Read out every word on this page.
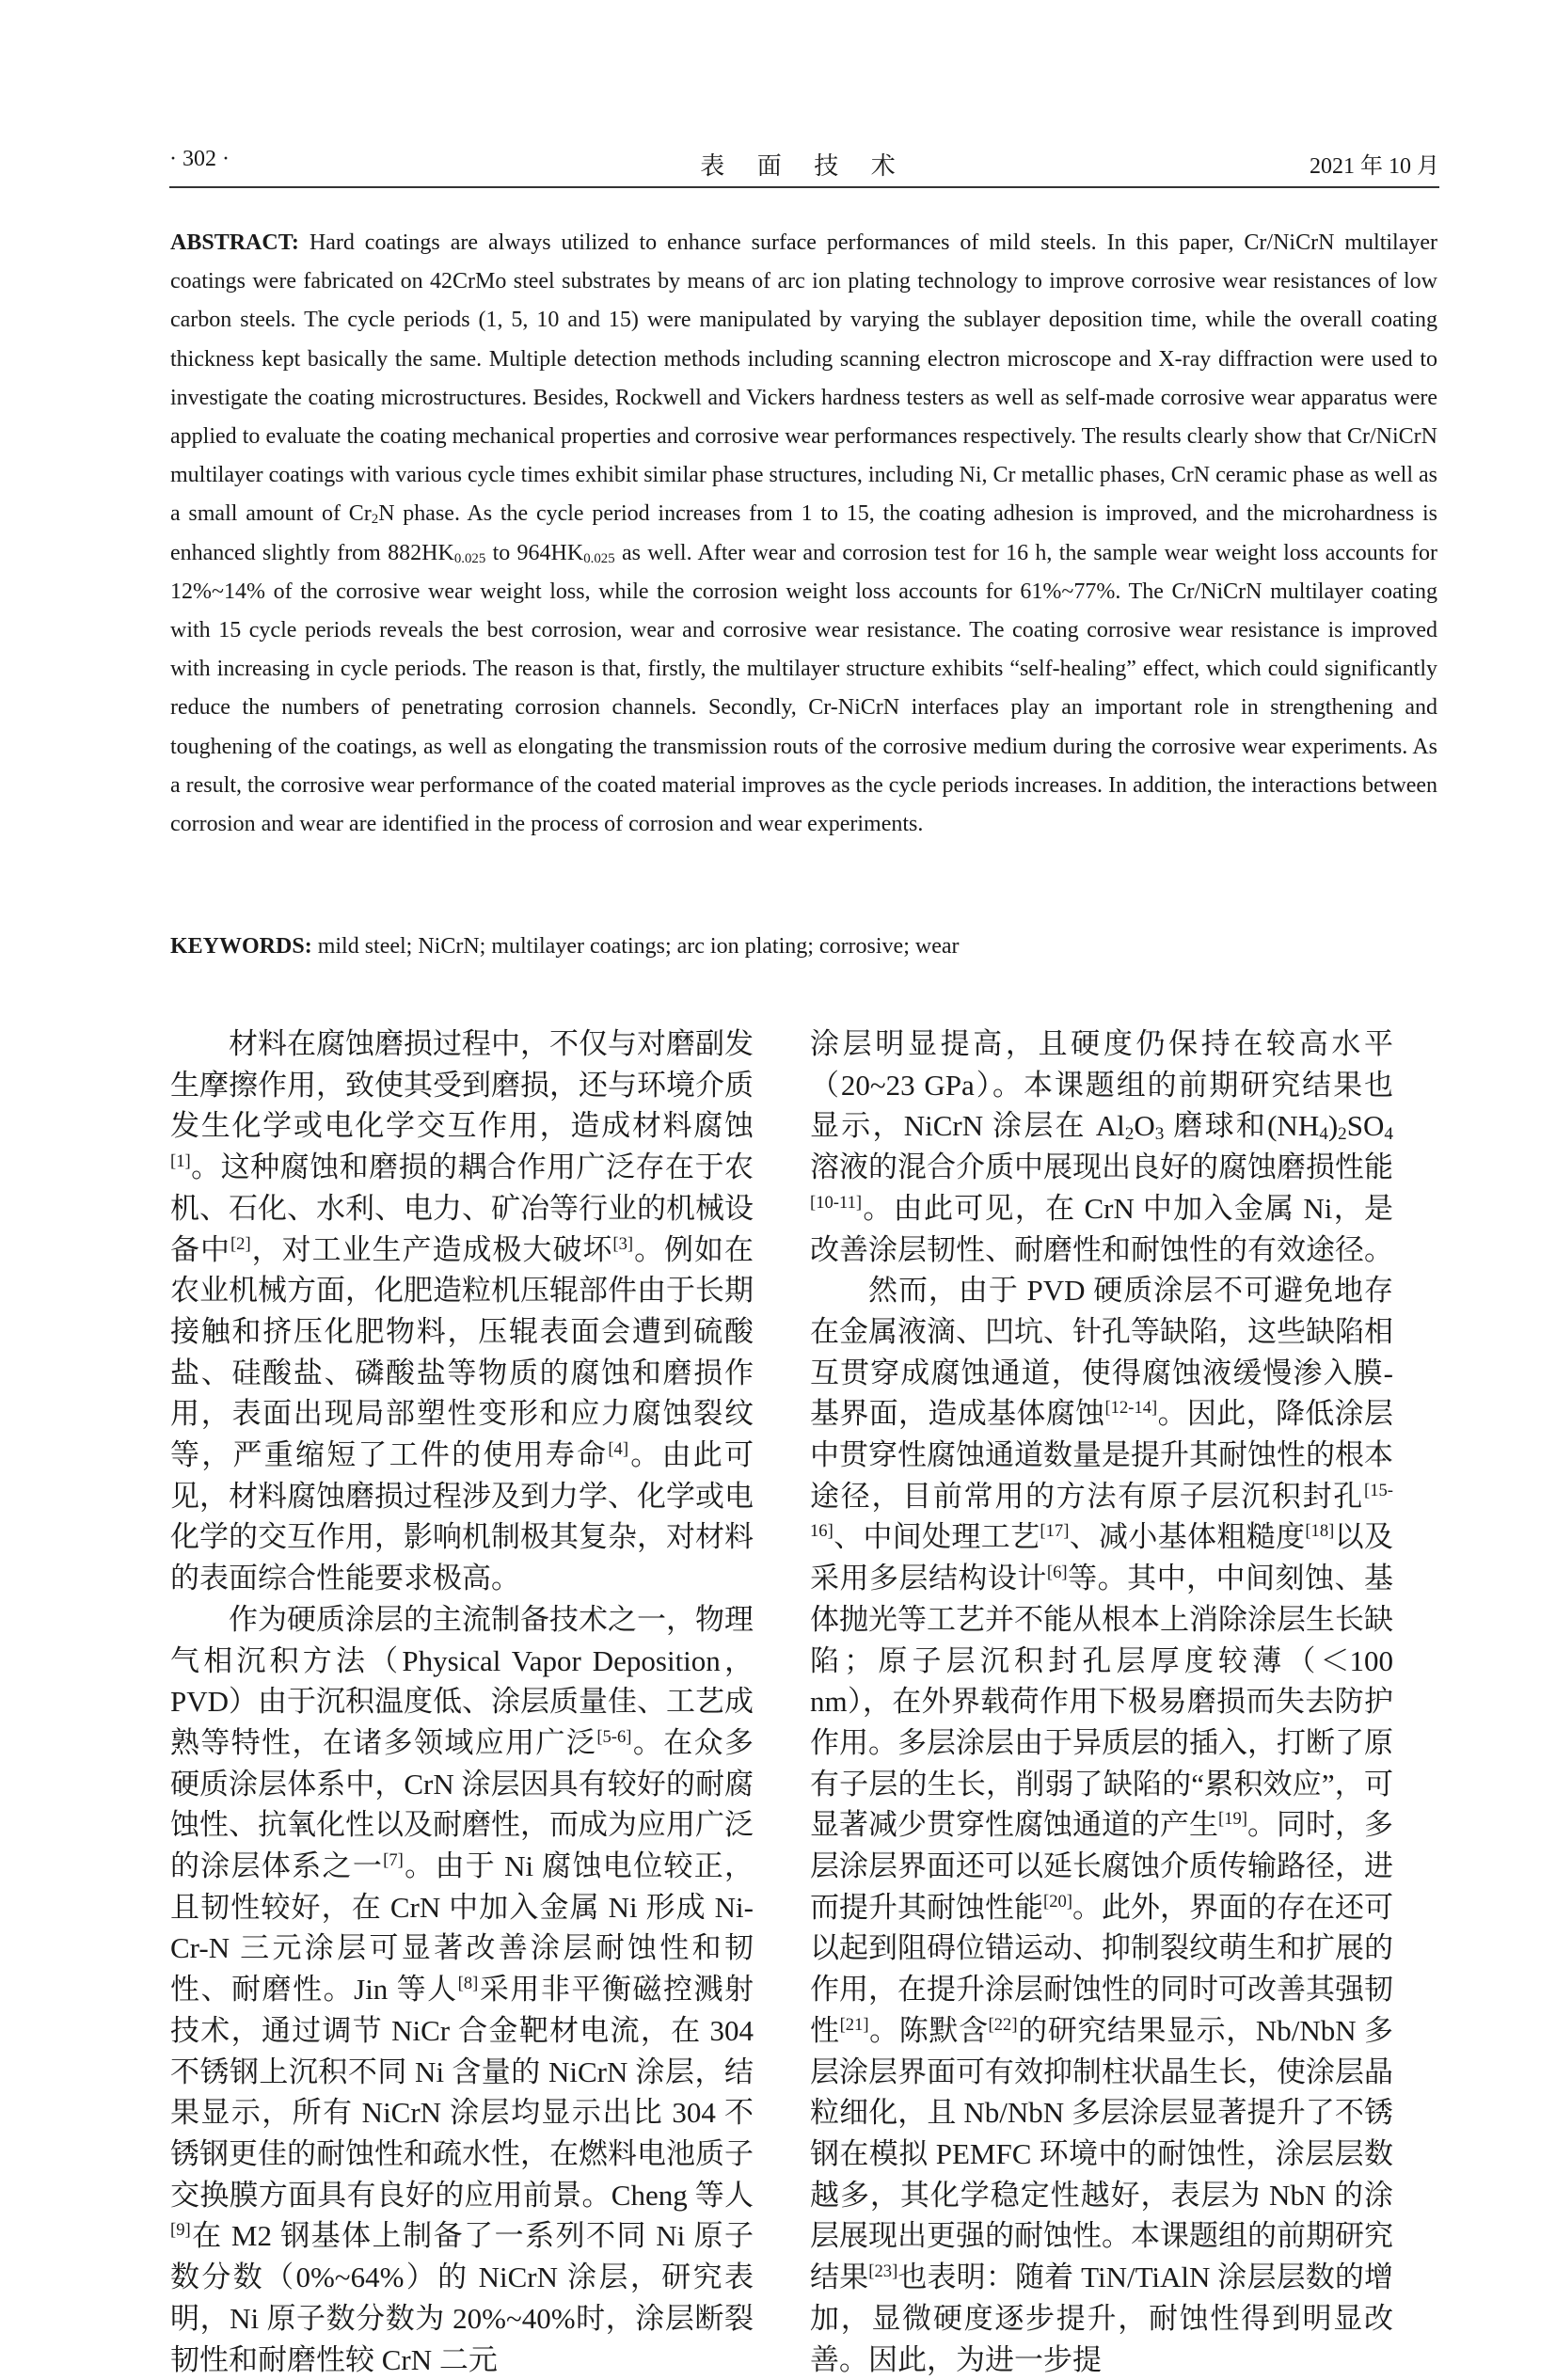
· 302 ·	表 面 技 术	2021 年 10 月

ABSTRACT: Hard coatings are always utilized to enhance surface performances of mild steels. In this paper, Cr/NiCrN multilayer coatings were fabricated on 42CrMo steel substrates by means of arc ion plating technology to improve corrosive wear resistances of low carbon steels. The cycle periods (1, 5, 10 and 15) were manipulated by varying the sublayer deposition time, while the overall coating thickness kept basically the same. Multiple detection methods including scanning electron microscope and X-ray diffraction were used to investigate the coating microstructures. Besides, Rockwell and Vickers hardness testers as well as self-made corrosive wear apparatus were applied to evaluate the coating mechanical properties and corrosive wear performances respectively. The results clearly show that Cr/NiCrN multilayer coatings with various cycle times exhibit similar phase structures, including Ni, Cr metallic phases, CrN ceramic phase as well as a small amount of $Cr_2N$ phase. As the cycle period increases from 1 to 15, the coating adhesion is improved, and the microhardness is enhanced slightly from $882HK_{0.025}$ to $964HK_{0.025}$ as well. After wear and corrosion test for 16 h, the sample wear weight loss accounts for 12%~14% of the corrosive wear weight loss, while the corrosion weight loss accounts for 61%~77%. The Cr/NiCrN multilayer coating with 15 cycle periods reveals the best corrosion, wear and corrosive wear resistance. The coating corrosive wear resistance is improved with increasing in cycle periods. The reason is that, firstly, the multilayer structure exhibits “self-healing” effect, which could significantly reduce the numbers of penetrating corrosion channels. Secondly, Cr-NiCrN interfaces play an important role in strengthening and toughening of the coatings, as well as elongating the transmission routs of the corrosive medium during the corrosive wear experiments. As a result, the corrosive wear performance of the coated material improves as the cycle periods increases. In addition, the interactions between corrosion and wear are identified in the process of corrosion and wear experiments.

KEYWORDS: mild steel; NiCrN; multilayer coatings; arc ion plating; corrosive; wear

材料在腐蚀磨损过程中，不仅与对磨副发生摩擦作用，致使其受到磨损，还与环境介质发生化学或电化学交互作用，造成材料腐蚀[1]。这种腐蚀和磨损的耦合作用广泛存在于农机、石化、水利、电力、矿冶等行业的机械设备中[2]，对工业生产造成极大破坏[3]。例如在农业机械方面，化肥造粒机压辊部件由于长期接触和挤压化肥物料，压辊表面会遭到硫酸盐、硅酸盐、磷酸盐等物质的腐蚀和磨损作用，表面出现局部塑性变形和应力腐蚀裂纹等，严重缩短了工件的使用寿命[4]。由此可见，材料腐蚀磨损过程涉及到力学、化学或电化学的交互作用，影响机制极其复杂，对材料的表面综合性能要求极高。

作为硬质涂层的主流制备技术之一，物理气相沉积方法（Physical Vapor Deposition，PVD）由于沉积温度低、涂层质量佳、工艺成熟等特性，在诸多领域应用广泛[5-6]。在众多硬质涂层体系中，CrN 涂层因具有较好的耐腐蚀性、抗氧化性以及耐磨性，而成为应用广泛的涂层体系之一[7]。由于 Ni 腐蚀电位较正，且韧性较好，在 CrN 中加入金属 Ni 形成 Ni-Cr-N 三元涂层可显著改善涂层耐蚀性和韧性、耐磨性。Jin 等人[8]采用非平衡磁控溅射技术，通过调节 NiCr 合金靶材电流，在 304 不锈钢上沉积不同 Ni 含量的 NiCrN 涂层，结果显示，所有 NiCrN 涂层均显示出比 304 不锈钢更佳的耐蚀性和疏水性，在燃料电池质子交换膜方面具有良好的应用前景。Cheng 等人[9]在 M2 钢基体上制备了一系列不同 Ni 原子数分数（0%~64%）的 NiCrN 涂层，研究表明，Ni 原子数分数为 20%~40%时，涂层断裂韧性和耐磨性较 CrN 二元

涂层明显提高，且硬度仍保持在较高水平（20~23 GPa）。本课题组的前期研究结果也显示，NiCrN 涂层在 $Al_2O_3$ 磨球和$(NH_4)_2SO_4$ 溶液的混合介质中展现出良好的腐蚀磨损性能[10-11]。由此可见，在 CrN 中加入金属 Ni，是改善涂层韧性、耐磨性和耐蚀性的有效途径。

然而，由于 PVD 硬质涂层不可避免地存在金属液滴、凹坑、针孔等缺陷，这些缺陷相互贯穿成腐蚀通道，使得腐蚀液缓慢渗入膜-基界面，造成基体腐蚀[12-14]。因此，降低涂层中贯穿性腐蚀通道数量是提升其耐蚀性的根本途径，目前常用的方法有原子层沉积封孔[15-16]、中间处理工艺[17]、减小基体粗糙度[18]以及采用多层结构设计[6]等。其中，中间刻蚀、基体抛光等工艺并不能从根本上消除涂层生长缺陷；原子层沉积封孔层厚度较薄（＜100 nm），在外界载荷作用下极易磨损而失去防护作用。多层涂层由于异质层的插入，打断了原有子层的生长，削弱了缺陷的“累积效应”，可显著减少贯穿性腐蚀通道的产生[19]。同时，多层涂层界面还可以延长腐蚀介质传输路径，进而提升其耐蚀性能[20]。此外，界面的存在还可以起到阻碍位错运动、抑制裂纹萌生和扩展的作用，在提升涂层耐蚀性的同时可改善其强韧性[21]。陈默含[22]的研究结果显示，Nb/NbN 多层涂层界面可有效抑制柱状晶生长，使涂层晶粒细化，且 Nb/NbN 多层涂层显著提升了不锈钢在模拟 PEMFC 环境中的耐蚀性，涂层层数越多，其化学稳定性越好，表层为 NbN 的涂层展现出更强的耐蚀性。本课题组的前期研究结果[23]也表明：随着 TiN/TiAlN 涂层层数的增加，显微硬度逐步提升，耐蚀性得到明显改善。因此，为进一步提
